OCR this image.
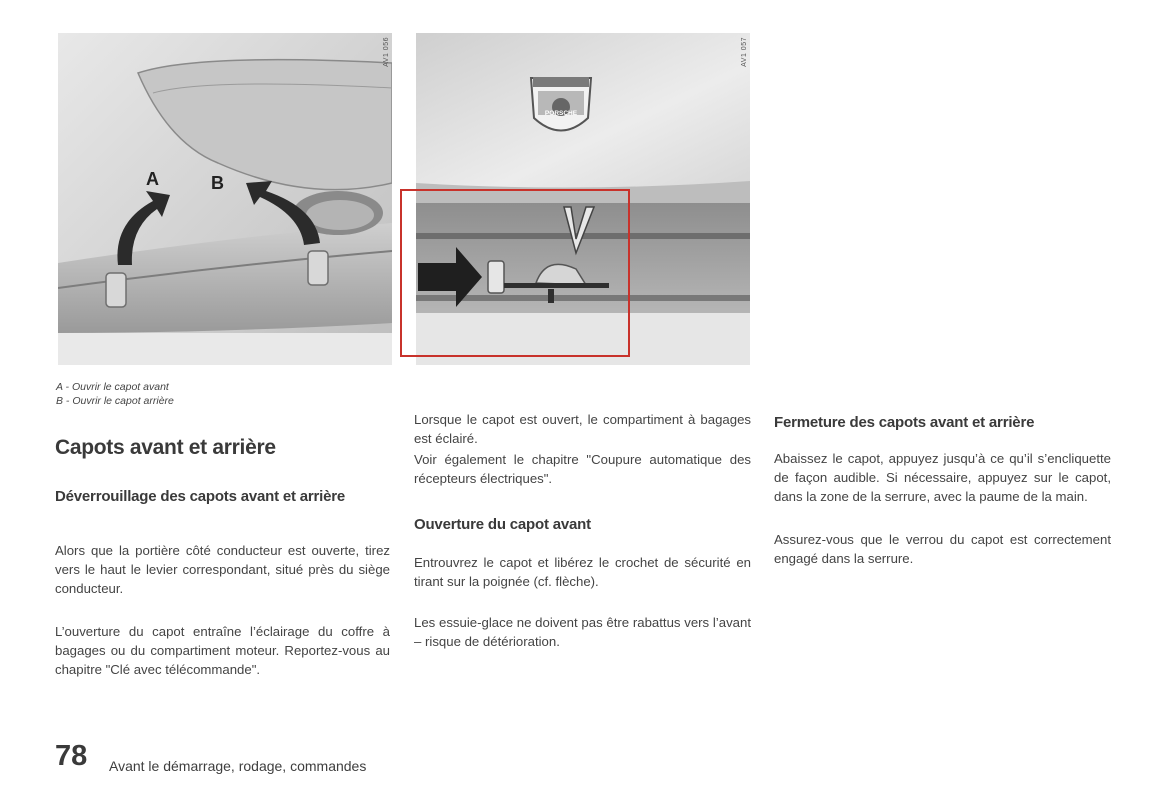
A	B
AV1 056	AV1 057
PORSCHE
A - Ouvrir le capot avant
B - Ouvrir le capot arrière
Capots avant et arrière
Déverrouillage des capots avant et arrière

Alors que la portière côté conducteur est ouverte, tirez vers le haut le levier correspondant, situé près du siège conducteur.

L’ouverture du capot entraîne l’éclairage du coffre à bagages ou du compartiment moteur. Reportez-vous au chapitre "Clé avec télécommande".

Lorsque le capot est ouvert, le compartiment à bagages est éclairé.

Voir également le chapitre "Coupure automatique des récepteurs électriques".

Ouverture du capot avant

Entrouvrez le capot et libérez le crochet de sécurité en tirant sur la poignée (cf. flèche).

Les essuie-glace ne doivent pas être rabattus vers l’avant – risque de détérioration.

Fermeture des capots avant et arrière

Abaissez le capot, appuyez jusqu’à ce qu’il s’encliquette de façon audible. Si nécessaire, appuyez sur le capot, dans la zone de la serrure, avec la paume de la main.

Assurez-vous que le verrou du capot est correctement engagé dans la serrure.

78 Avant le démarrage, rodage, commandes
